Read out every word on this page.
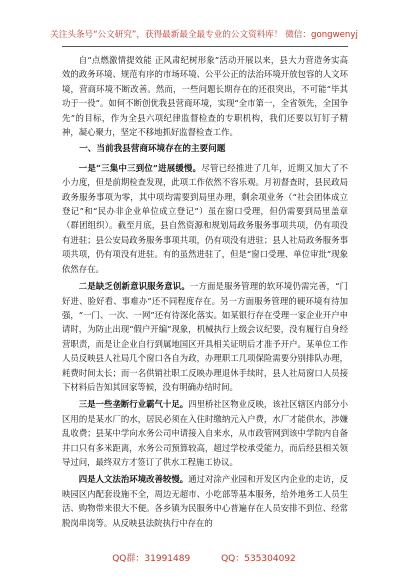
关注头条号“公文研究”，获得最新最全最专业的公文资料库！ 微信：gongwenyj

自“点燃激情提效能 正风肃纪树形象”活动开展以来，县大力营造务实高效的政务环境、规范有序的市场环境、公平公正的法治环境开放包容的人文环境，营商环境不断改善。然而，一些问题长期存在的还很突出，不可能“毕其功于一役”。如何不断创优我县营商环境，实现“全市第一，全省领先，全国争先”的目标，作为全县六项纪律监督检查的专职机构，我们还要以钉钉子精神，凝心聚力，坚定不移地抓好监督检查工作。

一、当前我县营商环境存在的主要问题

一是“三集中三到位”进展缓慢。尽管已经推进了几年，近期又加大了不小力度，但是前期检查发现，此项工作依然不容乐观。月初督查时，县民政局政务服务事项为零，其中项均需要到局里办理，剩余项业务（“社会团体成立登记”和“民办非企业单位成立登记”）虽在窗口受理，但仍需要到局里盖章（群团组织）。截至月底，县自然资源和规划局政务服务事项共项，仍有项没有进驻；县公安局政务服务事项共项，仍有项没有进驻；县人社局政务服务事项共项，仍有项没有进驻。有的虽然进驻了，但是“窗口受理、单位审批”现象依然存在。

二是缺乏创新意识服务意识。一方面是服务管理的软环境仍需完善，“门好进、脸好看、事难办”还不同程度存在。另一方面服务管理的硬环境有待加强，“一门、一次、一网”还有待深化落实。如某银行存在受理一家企业开户申请时，为防止出现“假户开编”现象，机械执行上级会议纪要，没有履行自身经营职责，而是让企业自行到属地国区开具相关证明后才准予开户。某单位工作人员反映县人社局几个窗口各自为政，办理职工几项保险需要分别排队办理，耗费时间太长；而一名供销社职工反映办理退休手续时，县人社局窗口人员接下材料后告知其回家等候，没有明确办结时间。

三是一些垄断行业霸气十足。四里桥社区物业反映，该社区辖区内部分小区用的是某水厂的水，居民必须在入住时缴纳元入户费，水厂才能供水，涉嫌乱收费；县某中学向水务公司申请接入自来水，从市政管网到该中学院内自备井口只有多米距离，水务公司预算较高，超过学校承受能力，而后经县相关领导过问，最终双方才签订了供水工程施工协议。

四是人文法治环境改善较慢。通过对涂产业园和开发区内企业的走访，反映园区内配套设施不全，周边无超市、小吃部等基本服务，给外地务工人员生活、购物带来很大不便。各乡镇为民服务中心普遍存在人员安排不到位、经常脱岗串岗等。从反映县法院执行中存在的

QQ群：31991489	QQ：535304092
